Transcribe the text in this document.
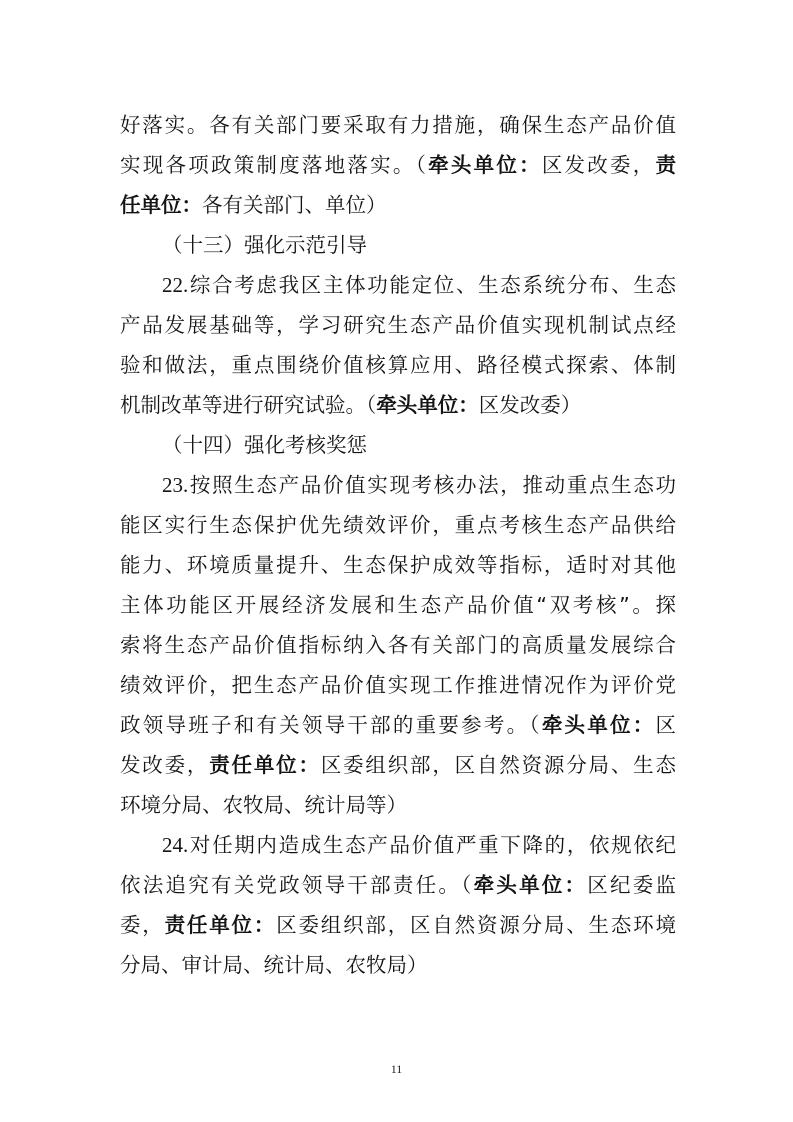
好落实。各有关部门要采取有力措施，确保生态产品价值
实现各项政策制度落地落实。（牵头单位：区发改委，责
任单位：各有关部门、单位）
（十三）强化示范引导
22.综合考虑我区主体功能定位、生态系统分布、生态
产品发展基础等，学习研究生态产品价值实现机制试点经
验和做法，重点围绕价值核算应用、路径模式探索、体制
机制改革等进行研究试验。（牵头单位：区发改委）
（十四）强化考核奖惩
23.按照生态产品价值实现考核办法，推动重点生态功
能区实行生态保护优先绩效评价，重点考核生态产品供给
能力、环境质量提升、生态保护成效等指标，适时对其他
主体功能区开展经济发展和生态产品价值“双考核”。探
索将生态产品价值指标纳入各有关部门的高质量发展综合
绩效评价，把生态产品价值实现工作推进情况作为评价党
政领导班子和有关领导干部的重要参考。（牵头单位：区
发改委，责任单位：区委组织部，区自然资源分局、生态
环境分局、农牧局、统计局等）
24.对任期内造成生态产品价值严重下降的，依规依纪
依法追究有关党政领导干部责任。（牵头单位：区纪委监
委，责任单位：区委组织部，区自然资源分局、生态环境
分局、审计局、统计局、农牧局）
11
